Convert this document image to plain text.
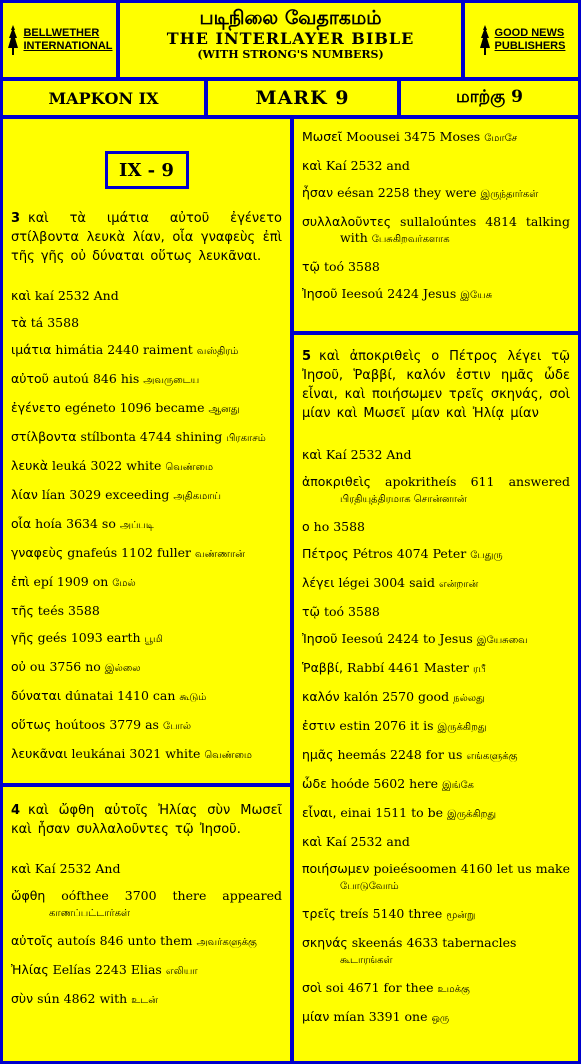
BELLWETHER
INTERNATIONAL
படிநிலை வேதாகமம்
THE INTERLAYER BIBLE
(WITH STRONG'S NUMBERS)
GOOD NEWS
PUBLISHERS
ΜΑΡΚΟΝ IX	MARK 9	மாற்கு 9
IX - 9
3 καὶ τὰ ιμάτια αὐτοῦ ἐγένετο στίλβοντα λευκὰ λίαν, οἷα γναφεὺς ἐπὶ τῆς γῆς οὐ δύναται οὕτως λευκᾶναι.
καὶ kaí 2532 And
τὰ tá 3588
ιμάτια himátia 2440 raiment வஸ்திரம்
αὐτοῦ autoú 846 his அவருடைய
ἐγένετο egéneto 1096 became ஆனது
στίλβοντα stílbonta 4744 shining பிரகாசம்
λευκὰ leuká 3022 white வெண்மை
λίαν lían 3029 exceeding அதிகமாய்
οἷα hoía 3634 so அப்படி
γναφεὺς gnafeús 1102 fuller வண்ணான்
ἐπὶ epí 1909 on மேல்
τῆς teés 3588
γῆς geés 1093 earth பூமி
οὐ ou 3756 no இல்லை
δύναται dúnatai 1410 can கூடும்
οὕτως hoútoos 3779 as போல்
λευκᾶναι leukánai 3021 white வெண்மை
4 καὶ ὤφθη αὐτοῖς Ἠλίας σὺν Μωσεῖ καὶ ἦσαν συλλαλοῦντες τῷ Ἰησοῦ.
καὶ Kaí 2532 And
ὤφθη oófthee 3700 there appeared காணப்பட்டார்கள்
αὐτοῖς autoís 846 unto them அவர்களுக்கு
Ἠλίας Eelías 2243 Elias எலியா
σὺν sún 4862 with உடன்
Μωσεῖ Moousei 3475 Moses மோசே
καὶ Kaí 2532 and
ἦσαν eésan 2258 they were இருந்தார்கள்
συλλαλοῦντες sullaloúntes 4814 talking with பேசுகிறவர்களாக
τῷ toó 3588
Ἰησοῦ Ieesoú 2424 Jesus இயேசு
5 καὶ ἀποκριθεὶς ο Πέτρος λέγει τῷ Ἰησοῦ, Ῥαββί, καλόν ἐστιν ημᾶς ὧδε εἶναι, καὶ ποιήσωμεν τρεῖς σκηνάς, σοὶ μίαν καὶ Μωσεῖ μίαν καὶ Ἠλίᾳ μίαν
καὶ Kaí 2532 And
ἀποκριθεὶς apokritheís 611 answered பிரதியுத்திரமாக சொன்னான்
ο ho 3588
Πέτρος Pétros 4074 Peter பேதுரு
λέγει légei 3004 said என்றான்
τῷ toó 3588
Ἰησοῦ Ieesoú 2424 to Jesus இயேசுவை
Ῥαββί, Rabbí 4461 Master ரபீ
καλόν kalón 2570 good நல்லது
ἐστιν estin 2076 it is இருக்கிறது
ημᾶς heemás 2248 for us எங்களுக்கு
ὧδε hoóde 5602 here இங்கே
εἶναι, einai 1511 to be இருக்கிறது
καὶ Kaí 2532 and
ποιήσωμεν poieésoomen 4160 let us make போடுவோம்
τρεῖς treís 5140 three மூன்று
σκηνάς skeenás 4633 tabernacles கூடாரங்கள்
σοὶ soi 4671 for thee உமக்கு
μίαν mían 3391 one ஒரு
